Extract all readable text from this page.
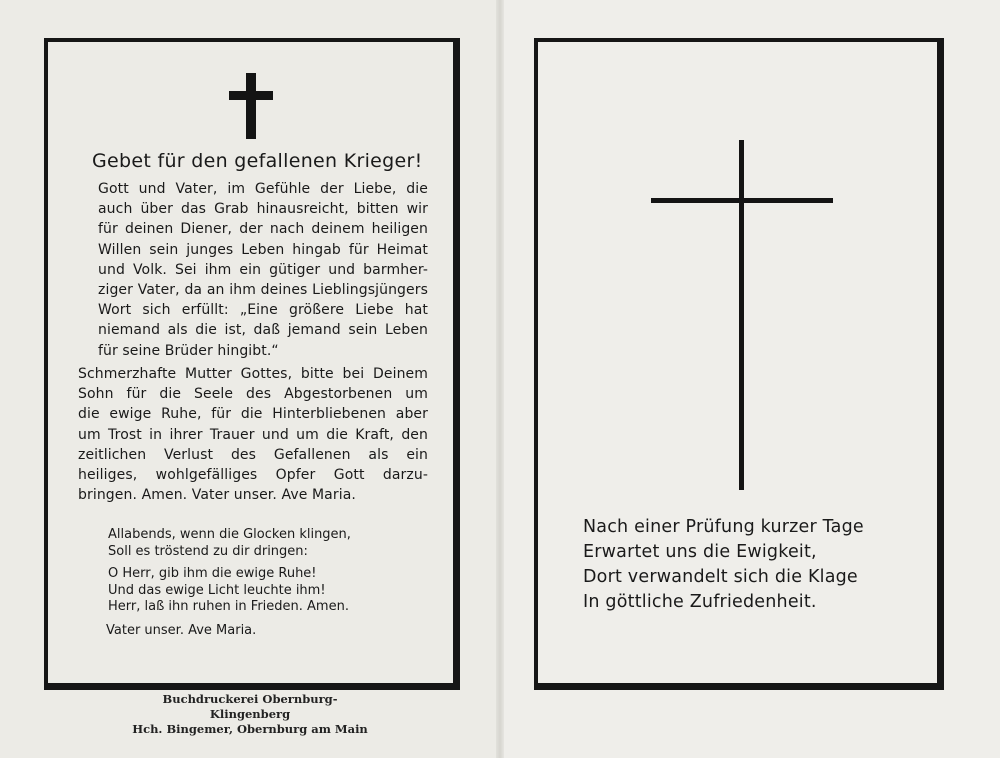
Gebet für den gefallenen Krieger!
Gott und Vater, im Gefühle der Liebe, die
auch über das Grab hinausreicht, bitten wir
für deinen Diener, der nach deinem heiligen
Willen sein junges Leben hingab für Heimat
und Volk. Sei ihm ein gütiger und barmher-
ziger Vater, da an ihm deines Lieblingsjüngers
Wort sich erfüllt: „Eine größere Liebe hat
niemand als die ist, daß jemand sein Leben
für seine Brüder hingibt.“
Schmerzhafte Mutter Gottes, bitte bei Deinem
Sohn für die Seele des Abgestorbenen um
die ewige Ruhe, für die Hinterbliebenen aber
um Trost in ihrer Trauer und um die Kraft, den
zeitlichen Verlust des Gefallenen als ein
heiliges, wohlgefälliges Opfer Gott darzu-
bringen. Amen. Vater unser. Ave Maria.
Allabends, wenn die Glocken klingen,
Soll es tröstend zu dir dringen:
O Herr, gib ihm die ewige Ruhe!
Und das ewige Licht leuchte ihm!
Herr, laß ihn ruhen in Frieden. Amen.
Vater unser. Ave Maria.
Buchdruckerei Obernburg-Klingenberg
Hch. Bingemer, Obernburg am Main
Nach einer Prüfung kurzer Tage
Erwartet uns die Ewigkeit,
Dort verwandelt sich die Klage
In göttliche Zufriedenheit.
